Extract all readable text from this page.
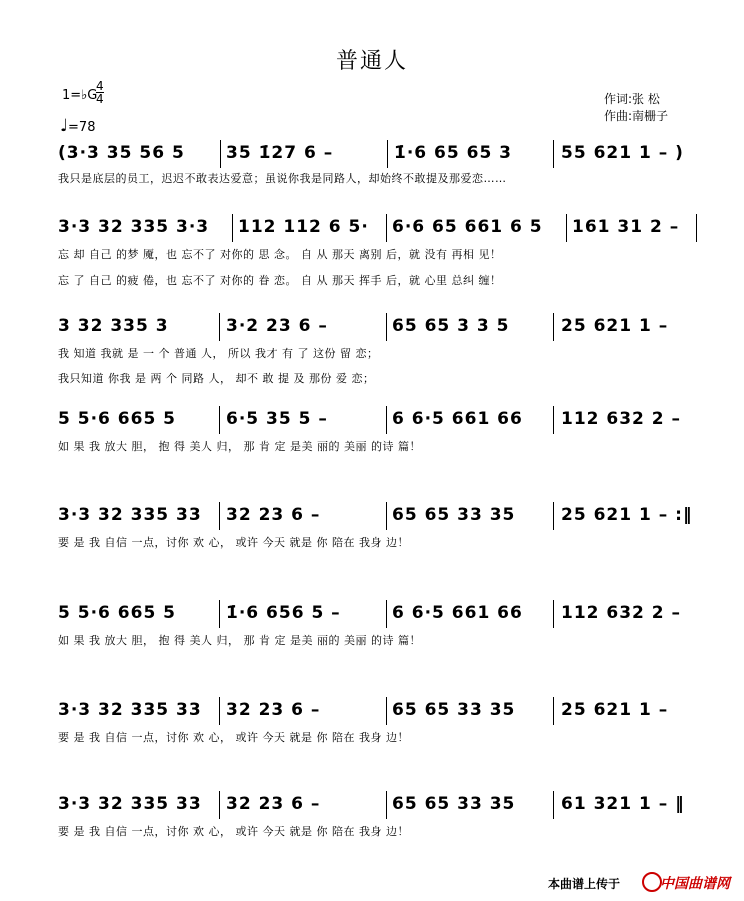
普通人
1=♭G
4
4
♩=78
作词:张 松
作曲:南栅子
(3·3 35 56 5 35 1̇27 6 –	1̇·6 65 65 3	55 621 1 – )
我只是底层的员工，迟迟不敢表达爱意；虽说你我是同路人，却始终不敢提及那爱恋……
3·3 32 335 3·3 112 112 6 5· 6·6 65 661 6 5 161 31 2 –
忘 却 自己 的梦 魇，也 忘不了 对你的 思 念。 自 从 那天 离别 后，就 没有 再相 见！
忘 了 自己 的疲 倦，也 忘不了 对你的 眷 恋。 自 从 那天 挥手 后，就 心里 总纠 缠！
3 32 335 3	3·2 23 6 –	65 65 3 3 5	25 621 1 –
我 知道 我就 是 一 个 普通 人， 所以 我才 有 了 这份 留 恋；
我只知道 你我 是 两 个 同路 人， 却不 敢 提 及 那份 爱 恋；
5 5·6 665 5	6·5 35 5 –	6 6·5 661 66 112 632 2 –
如 果 我 放大 胆， 抱 得 美人 归， 那 肯 定 是美 丽的 美丽 的诗 篇！
3·3 32 335 33 32 23 6 –	65 65 33 35	25 621 1 – :‖
要 是 我 自信 一点，讨你 欢 心， 或许 今天 就是 你 陪在 我身 边！
5 5·6 665 5	1̇·6 656 5 –	6 6·5 661 66 112 632 2 –
如 果 我 放大 胆， 抱 得 美人 归， 那 肯 定 是美 丽的 美丽 的诗 篇！
3·3 32 335 33 32 23 6 –	65 65 33 35	25 621 1 –
要 是 我 自信 一点，讨你 欢 心， 或许 今天 就是 你 陪在 我身 边！
3·3 32 335 33 32 23 6 –	65 65 33 35	61 321 1 – ‖
要 是 我 自信 一点，讨你 欢 心， 或许 今天 就是 你 陪在 我身 边！
本曲谱上传于	中国曲谱网
